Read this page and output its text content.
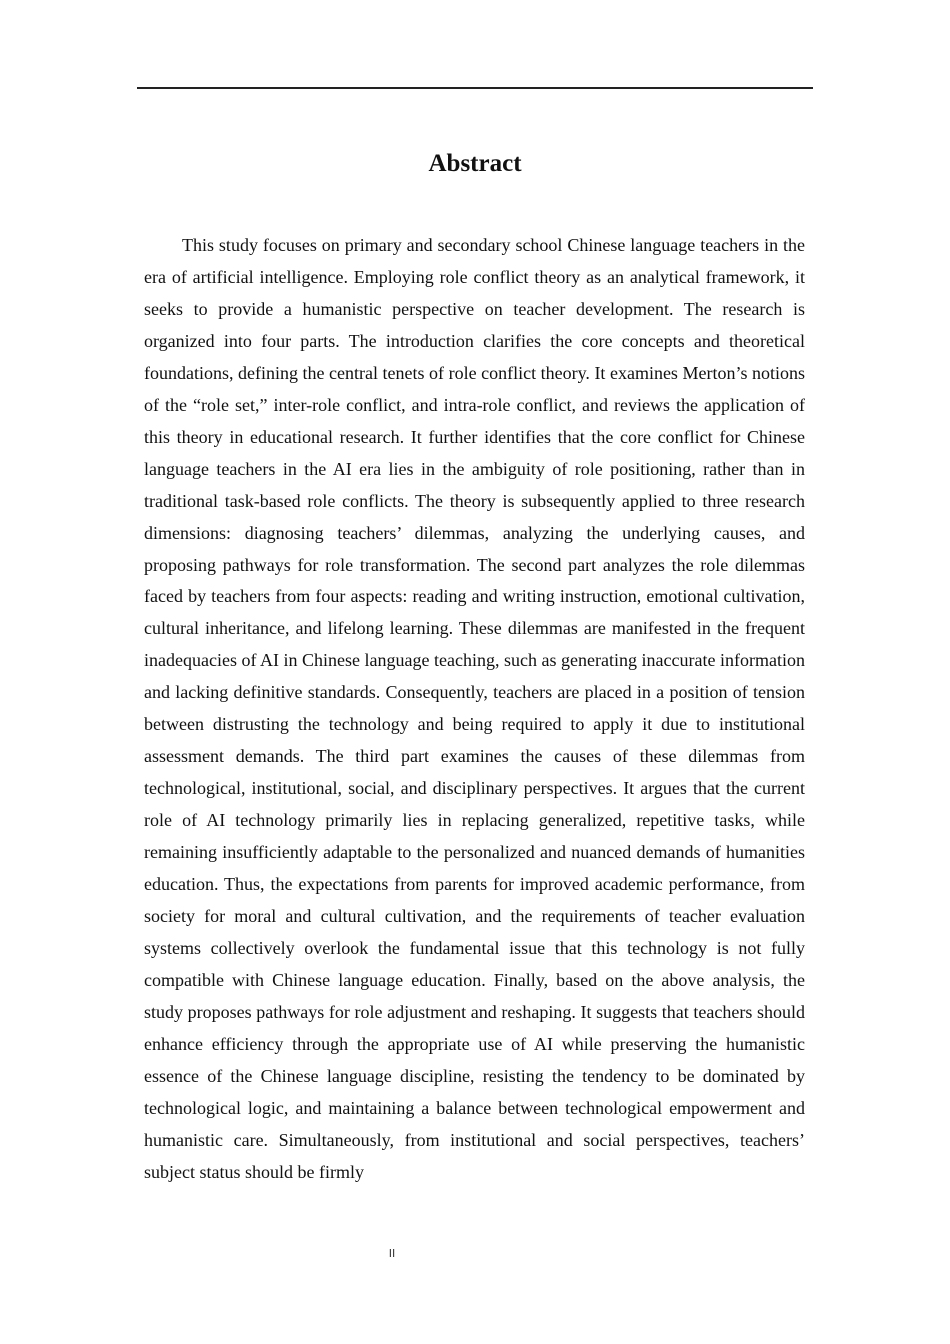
Abstract

This study focuses on primary and secondary school Chinese language teachers in the era of artificial intelligence. Employing role conflict theory as an analytical framework, it seeks to provide a humanistic perspective on teacher development. The research is organized into four parts. The introduction clarifies the core concepts and theoretical foundations, defining the central tenets of role conflict theory. It examines Merton’s notions of the “role set,” inter-role conflict, and intra-role conflict, and reviews the application of this theory in educational research. It further identifies that the core conflict for Chinese language teachers in the AI era lies in the ambiguity of role positioning, rather than in traditional task-based role conflicts. The theory is subsequently applied to three research dimensions: diagnosing teachers’ dilemmas, analyzing the underlying causes, and proposing pathways for role transformation. The second part analyzes the role dilemmas faced by teachers from four aspects: reading and writing instruction, emotional cultivation, cultural inheritance, and lifelong learning. These dilemmas are manifested in the frequent inadequacies of AI in Chinese language teaching, such as generating inaccurate information and lacking definitive standards. Consequently, teachers are placed in a position of tension between distrusting the technology and being required to apply it due to institutional assessment demands. The third part examines the causes of these dilemmas from technological, institutional, social, and disciplinary perspectives. It argues that the current role of AI technology primarily lies in replacing generalized, repetitive tasks, while remaining insufficiently adaptable to the personalized and nuanced demands of humanities education. Thus, the expectations from parents for improved academic performance, from society for moral and cultural cultivation, and the requirements of teacher evaluation systems collectively overlook the fundamental issue that this technology is not fully compatible with Chinese language education. Finally, based on the above analysis, the study proposes pathways for role adjustment and reshaping. It suggests that teachers should enhance efficiency through the appropriate use of AI while preserving the humanistic essence of the Chinese language discipline, resisting the tendency to be dominated by technological logic, and maintaining a balance between technological empowerment and humanistic care. Simultaneously, from institutional and social perspectives, teachers’ subject status should be firmly

II
